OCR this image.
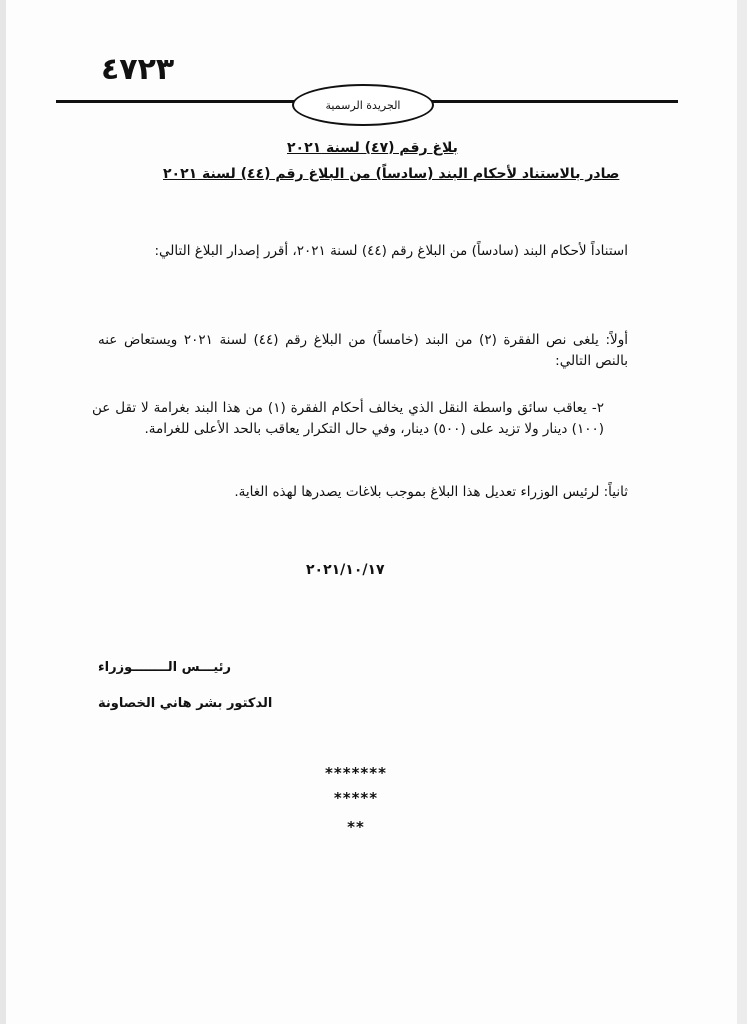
٤٧٢٣
الجريدة الرسمية
بلاغ رقم (٤٧) لسنة ٢٠٢١
صادر بالاستناد لأحكام البند (سادساً) من البلاغ رقم (٤٤) لسنة ٢٠٢١
استناداً لأحكام البند (سادساً) من البلاغ رقم (٤٤) لسنة ٢٠٢١، أقرر إصدار البلاغ التالي:
أولاً: يلغى نص الفقرة (٢) من البند (خامساً) من البلاغ رقم (٤٤) لسنة ٢٠٢١ ويستعاض عنه بالنص التالي:
٢- يعاقب سائق واسطة النقل الذي يخالف أحكام الفقرة (١) من هذا البند بغرامة لا تقل عن (١٠٠) دينار ولا تزيد على (٥٠٠) دينار، وفي حال التكرار يعاقب بالحد الأعلى للغرامة.
ثانياً: لرئيس الوزراء تعديل هذا البلاغ بموجب بلاغات يصدرها لهذه الغاية.
٢٠٢١/١٠/١٧
رئيـــس الــــــــوزراء
الدكتور بشر هاني الخصاونة
*******
*****
**
